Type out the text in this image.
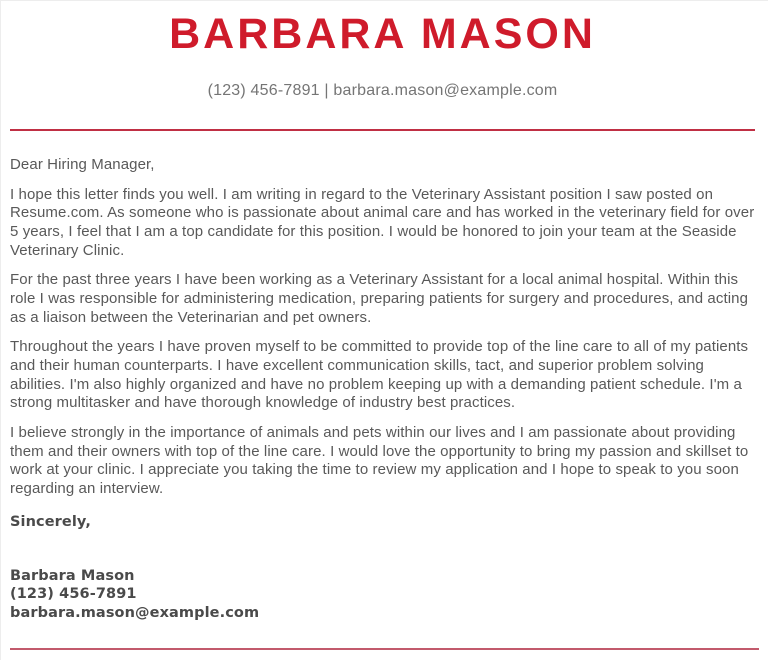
BARBARA MASON
(123) 456-7891 | barbara.mason@example.com

Dear Hiring Manager,

I hope this letter finds you well. I am writing in regard to the Veterinary Assistant position I saw posted on Resume.com. As someone who is passionate about animal care and has worked in the veterinary field for over 5 years, I feel that I am a top candidate for this position. I would be honored to join your team at the Seaside Veterinary Clinic.

For the past three years I have been working as a Veterinary Assistant for a local animal hospital. Within this role I was responsible for administering medication, preparing patients for surgery and procedures, and acting as a liaison between the Veterinarian and pet owners.

Throughout the years I have proven myself to be committed to provide top of the line care to all of my patients and their human counterparts. I have excellent communication skills, tact, and superior problem solving abilities. I'm also highly organized and have no problem keeping up with a demanding patient schedule. I'm a strong multitasker and have thorough knowledge of industry best practices.

I believe strongly in the importance of animals and pets within our lives and I am passionate about providing them and their owners with top of the line care. I would love the opportunity to bring my passion and skillset to work at your clinic. I appreciate you taking the time to review my application and I hope to speak to you soon regarding an interview.

Sincerely,

Barbara Mason
(123) 456-7891
barbara.mason@example.com
